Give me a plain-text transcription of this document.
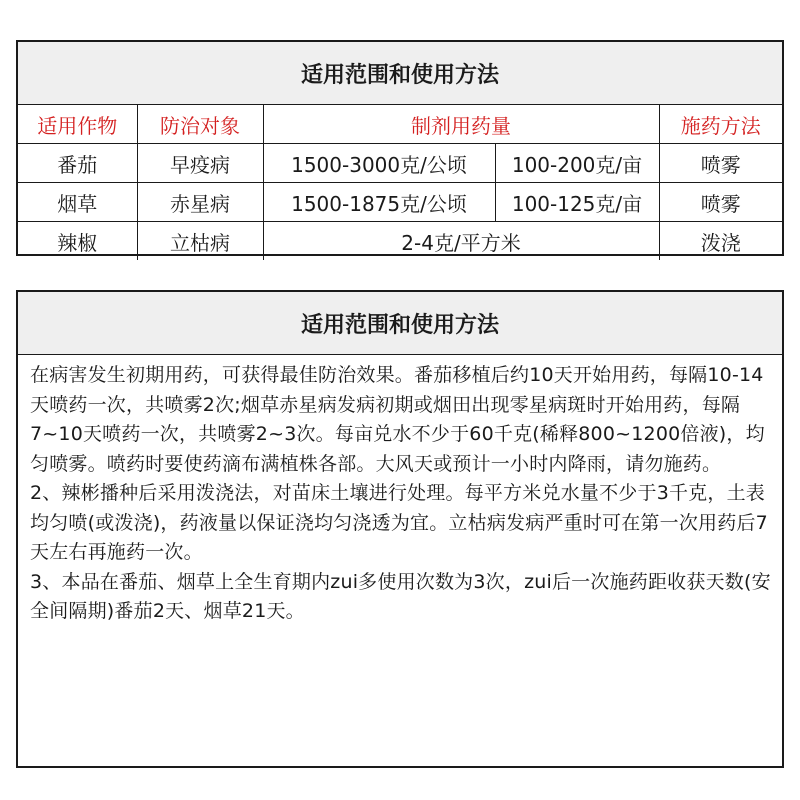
适用范围和使用方法				
适用作物	防治对象	制剂用药量		施药方法
番茄	早疫病	1500-3000克/公顷	100-200克/亩	喷雾
烟草	赤星病	1500-1875克/公顷	100-125克/亩	喷雾
辣椒	立枯病	2-4克/平方米		泼浇
适用范围和使用方法

在病害发生初期用药，可获得最佳防治效果。番茄移植后约10天开始用药，每隔10-14天喷药一次，共喷雾2次;烟草赤星病发病初期或烟田出现零星病斑时开始用药，每隔7~10天喷药一次，共喷雾2~3次。每亩兑水不少于60千克(稀释800~1200倍液)，均匀喷雾。喷药时要使药滴布满植株各部。大风天或预计一小时内降雨，请勿施药。

2、辣彬播种后采用泼浇法，对苗床土壤进行处理。每平方米兑水量不少于3千克，土表均匀喷(或泼浇)，药液量以保证浇均匀浇透为宜。立枯病发病严重时可在第一次用药后7天左右再施药一次。

3、本品在番茄、烟草上全生育期内zui多使用次数为3次，zui后一次施药距收获天数(安全间隔期)番茄2天、烟草21天。
